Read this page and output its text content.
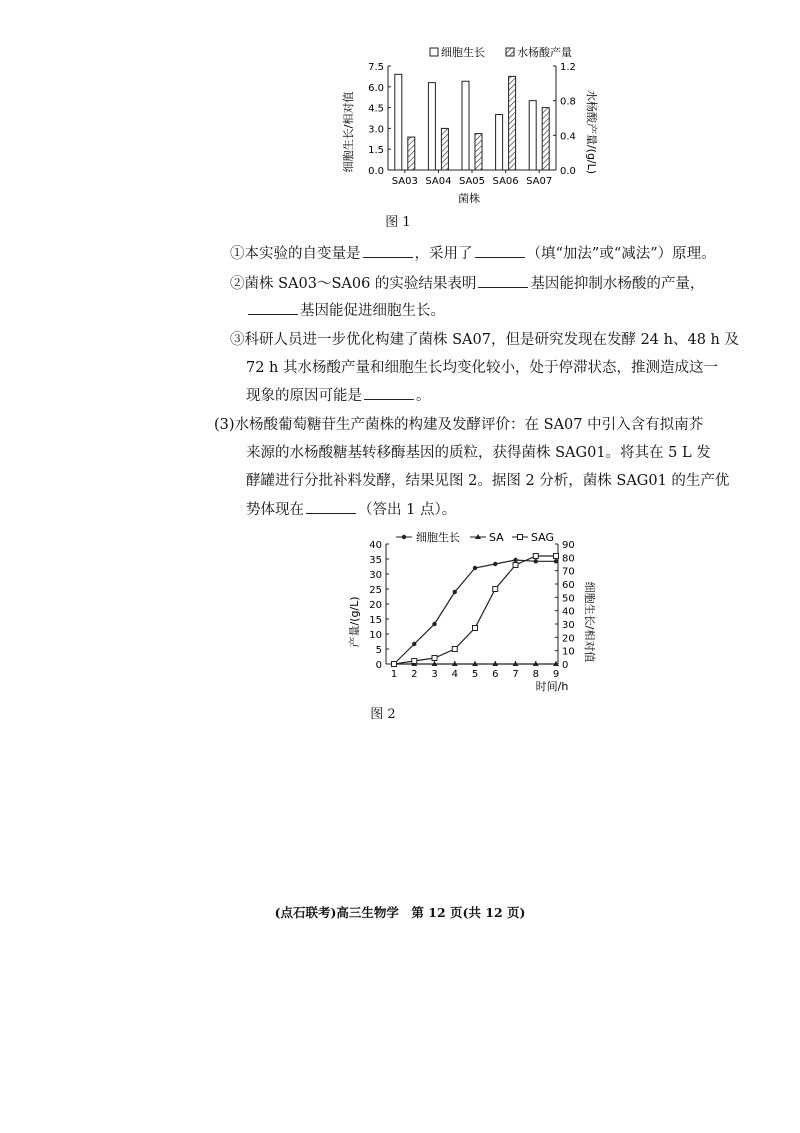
细胞生长	水杨酸产量
7.5
6.0
4.5
3.0
1.5
0.0
1.2
0.8
0.4
0.0
SA03 SA04 SA05 SA06 SA07
细胞生长/相对值	水杨酸产量/(g/L)
菌株
图 1
①本实验的自变量是	，采用了	（填“加法”或“减法”）原理。
②菌株 SA03～SA06 的实验结果表明	基因能抑制水杨酸的产量，
基因能促进细胞生长。
③科研人员进一步优化构建了菌株 SA07，但是研究发现在发酵 24 h、48 h 及
72 h 其水杨酸产量和细胞生长均变化较小，处于停滞状态，推测造成这一
现象的原因可能是	。
(3)水杨酸葡萄糖苷生产菌株的构建及发酵评价：在 SA07 中引入含有拟南芥
来源的水杨酸糖基转移酶基因的质粒，获得菌株 SAG01。将其在 5 L 发
酵罐进行分批补料发酵，结果见图 2。据图 2 分析，菌株 SAG01 的生产优
势体现在	（答出 1 点）。
细胞生长	SA SAG
40
35
30
25
20
15
10
5
0
90
80
70
60
50
40
30
20
10
0
1 2 3 4 5 6 7 8 9
产量/(g/L)	细胞生长/相对值
时间/h
图 2
(点石联考)高三生物学　第 12 页(共 12 页)
